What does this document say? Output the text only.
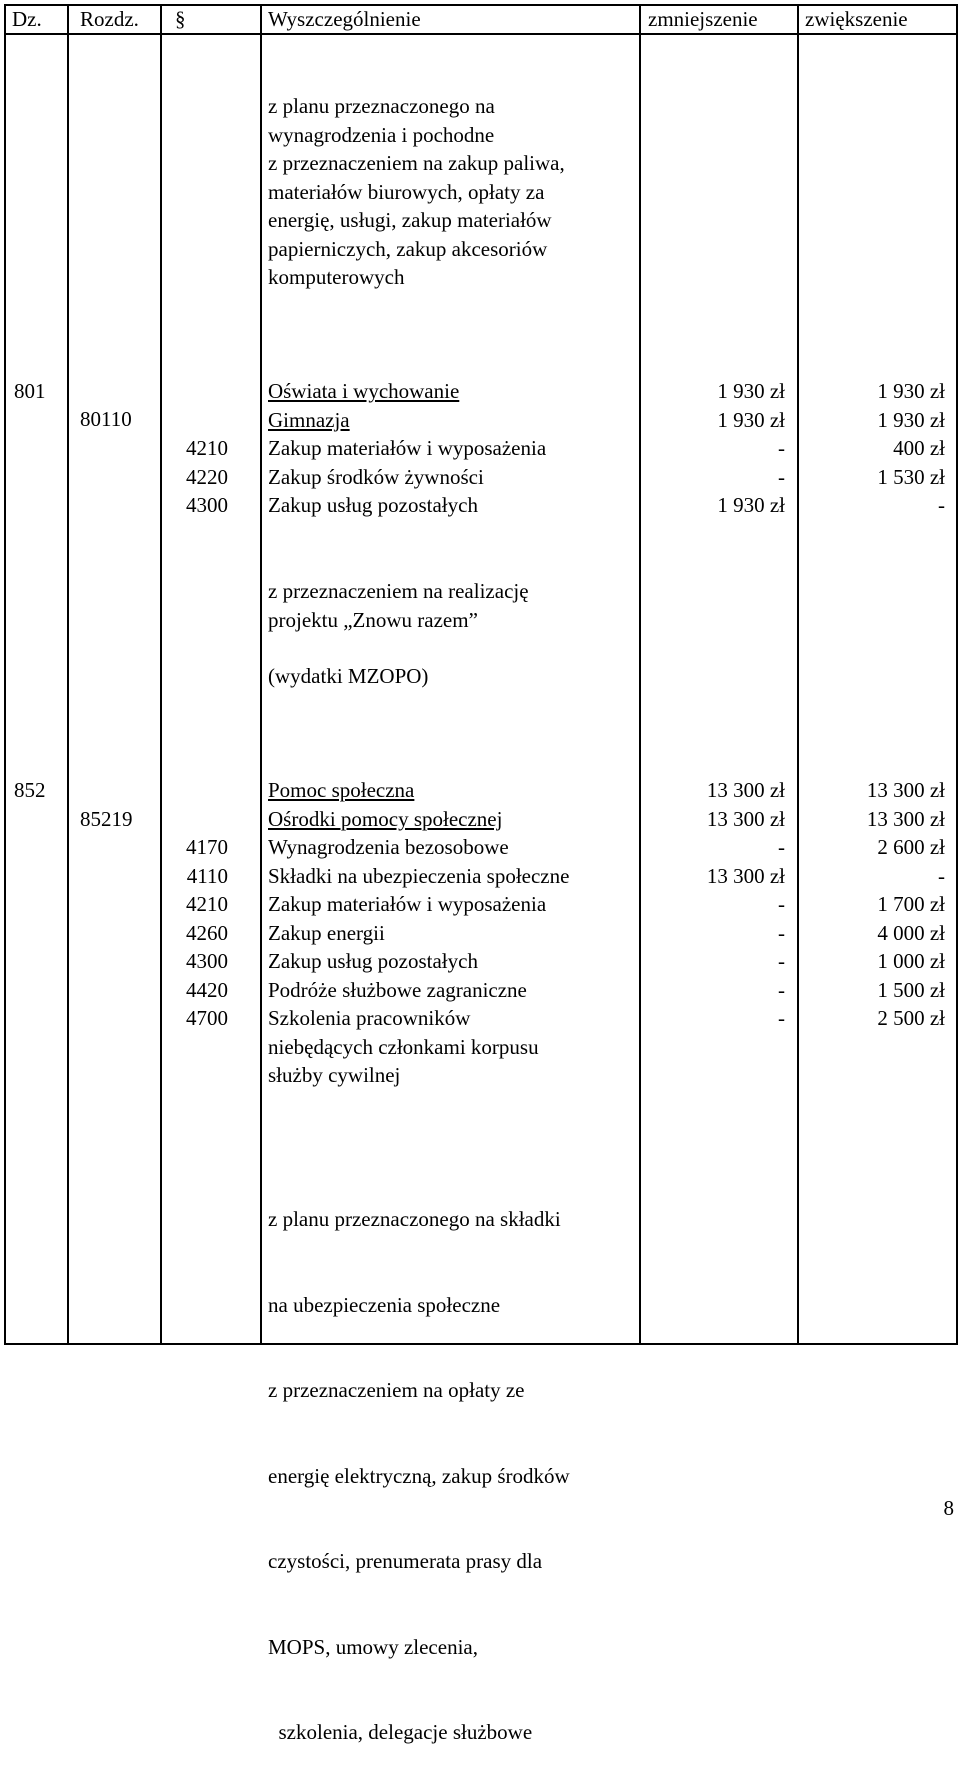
Dz. Rozdz. §	Wyszczególnienie	zmniejszenie zwiększenie
z planu przeznaczonego na
wynagrodzenia i pochodne
z przeznaczeniem na zakup paliwa,
materiałów biurowych, opłaty za
energię, usługi, zakup materiałów
papierniczych, zakup akcesoriów
komputerowych
801
80110

4210
4220
4300
Oświata i wychowanie
Gimnazja
Zakup materiałów i wyposażenia
Zakup środków żywności
Zakup usług pozostałych
1 930 zł
1 930 zł
-
-
1 930 zł
1 930 zł
1 930 zł
400 zł
1 530 zł
-
z przeznaczeniem na realizację
projektu „Znowu razem”
(wydatki MZOPO)
852
85219

4170
4110
4210
4260
4300
4420
4700
Pomoc społeczna
Ośrodki pomocy społecznej
Wynagrodzenia bezosobowe
Składki na ubezpieczenia społeczne
Zakup materiałów i wyposażenia
Zakup energii
Zakup usług pozostałych
Podróże służbowe zagraniczne
Szkolenia pracowników
niebędących członkami korpusu
służby cywilnej
13 300 zł
13 300 zł
-
13 300 zł
-
-
-
-
-
13 300 zł
13 300 zł
2 600 zł
-
1 700 zł
4 000 zł
1 000 zł
1 500 zł
2 500 zł

z planu przeznaczonego na składki

na ubezpieczenia społeczne

z przeznaczeniem na opłaty ze

energię elektryczną, zakup środków

czystości, prenumerata prasy dla

MOPS, umowy zlecenia,

szkolenia, delegacje służbowe

8
